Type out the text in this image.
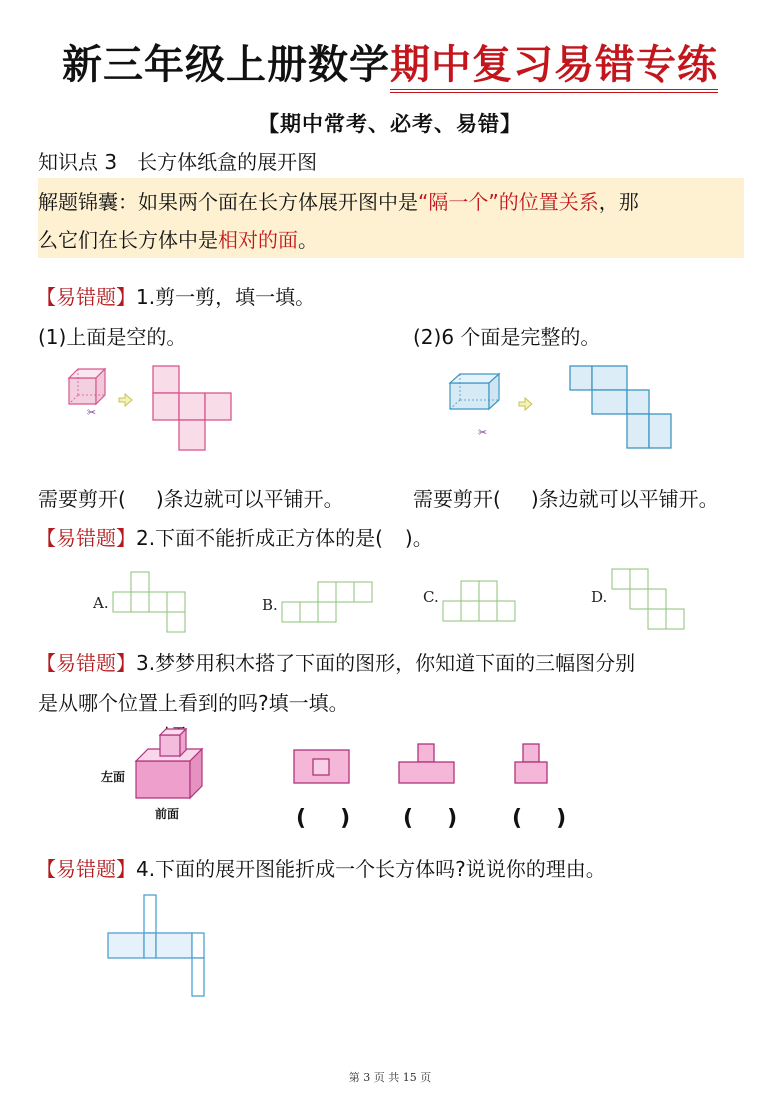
新三年级上册数学期中复习易错专练
【期中常考、必考、易错】
知识点 3 长方体纸盒的展开图
解题锦囊：如果两个面在长方体展开图中是“隔一个”的位置关系，那
么它们在长方体中是相对的面。
【易错题】1.剪一剪，填一填。
(1)上面是空的。	(2)6 个面是完整的。
✂
✂
需要剪开( )条边就可以平铺开。	需要剪开( )条边就可以平铺开。
【易错题】2.下面不能折成正方体的是( )。
A.	B.	C.	D.
【易错题】3.梦梦用积木搭了下面的图形，你知道下面的三幅图分别
是从哪个位置上看到的吗?填一填。
左面
前面	( ) ( ) ( )
【易错题】4.下面的展开图能折成一个长方体吗?说说你的理由。
第 3 页 共 15 页
